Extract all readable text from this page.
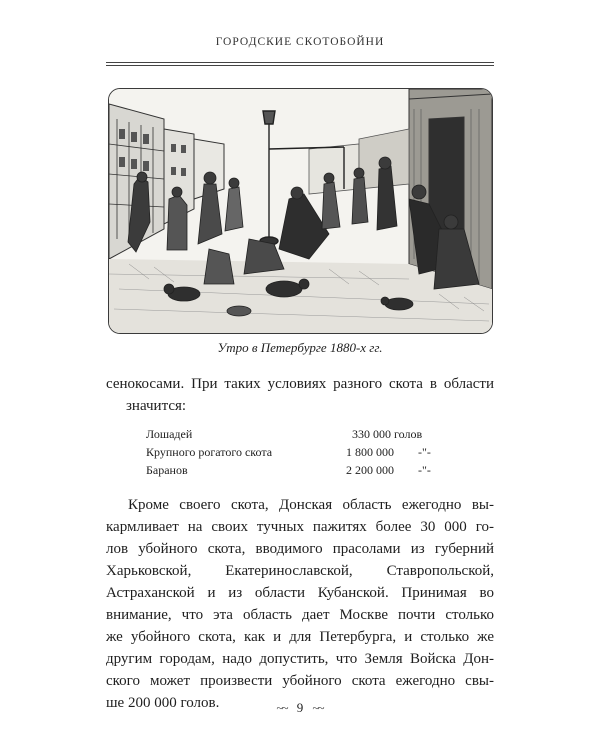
ГОРОДСКИЕ СКОТОБОЙНИ
Утро в Петербурге 1880-х гг.
сенокосами. При таких условиях разного скота в области
значится:
Лошадей	330 000 голов	
Крупного рогатого скота	1 800 000	-"-
Баранов	2 200 000	-"-
Кроме своего скота, Донская область ежегодно вы-
кармливает на своих тучных пажитях более 30 000 го-
лов убойного скота, вводимого прасолами из губерний
Харьковской, Екатеринославской, Ставропольской,
Астраханской и из области Кубанской. Принимая во
внимание, что эта область дает Москве почти столько
же убойного скота, как и для Петербурга, и столько же
другим городам, надо допустить, что Земля Войска Дон-
ского может произвести убойного скота ежегодно свы-
ше 200 000 голов.	~~ 9 ~~
